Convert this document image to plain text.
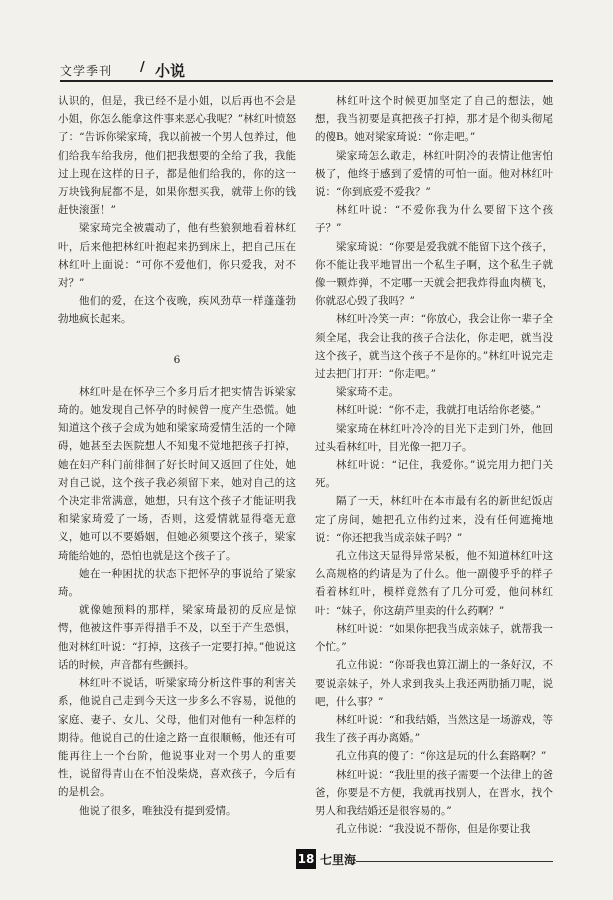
文学季刊 / 小说

认识的，但是，我已经不是小姐，以后再也不会是小姐，你怎么能拿这件事来恶心我呢？”林红叶愤怒了：“告诉你梁家琦，我以前被一个男人包养过，他们给我车给我房，他们把我想要的全给了我，我能过上现在这样的日子，都是他们给我的，你的这一万块钱狗屁都不是，如果你想买我，就带上你的钱赶快滚蛋！”

梁家琦完全被震动了，他有些狼狈地看着林红叶，后来他把林红叶抱起来扔到床上，把自己压在林红叶上面说：“可你不爱他们，你只爱我，对不对？”

他们的爱，在这个夜晚，疾风劲草一样蓬蓬勃勃地疯长起来。

6

林红叶是在怀孕三个多月后才把实情告诉梁家琦的。她发现自己怀孕的时候曾一度产生恐慌。她知道这个孩子会成为她和梁家琦爱情生活的一个障碍，她甚至去医院想人不知鬼不觉地把孩子打掉，她在妇产科门前徘徊了好长时间又返回了住处，她对自己说，这个孩子我必须留下来，她对自己的这个决定非常满意，她想，只有这个孩子才能证明我和梁家琦爱了一场，否则，这爱情就显得毫无意义，她可以不要婚姻，但她必须要这个孩子，梁家琦能给她的，恐怕也就是这个孩子了。

她在一种困扰的状态下把怀孕的事说给了梁家琦。

就像她预料的那样，梁家琦最初的反应是惊愕，他被这件事弄得措手不及，以至于产生恐惧，他对林红叶说：“打掉，这孩子一定要打掉。”他说这话的时候，声音都有些颤抖。

林红叶不说话，听梁家琦分析这件事的利害关系，他说自己走到今天这一步多么不容易，说他的家庭、妻子、女儿、父母，他们对他有一种怎样的期待。他说自己的仕途之路一直很顺畅，他还有可能再往上一个台阶，他说事业对一个男人的重要性，说留得青山在不怕没柴烧，喜欢孩子，今后有的是机会。

他说了很多，唯独没有提到爱情。

林红叶这个时候更加坚定了自己的想法，她想，我当初要是真把孩子打掉，那才是个彻头彻尾的傻B。她对梁家琦说：“你走吧。”

梁家琦怎么敢走，林红叶阴冷的表情让他害怕极了，他终于感到了爱情的可怕一面。他对林红叶说：“你到底爱不爱我？”

林红叶说：“不爱你我为什么要留下这个孩子？”

梁家琦说：“你要是爱我就不能留下这个孩子，你不能让我平地冒出一个私生子啊，这个私生子就像一颗炸弹，不定哪一天就会把我炸得血肉横飞，你就忍心毁了我吗？”

林红叶冷笑一声：“你放心，我会让你一辈子全须全尾，我会让我的孩子合法化，你走吧，就当没这个孩子，就当这个孩子不是你的。”林红叶说完走过去把门打开：“你走吧。”

梁家琦不走。

林红叶说：“你不走，我就打电话给你老婆。”

梁家琦在林红叶冷冷的目光下走到门外，他回过头看林红叶，目光像一把刀子。

林红叶说：“记住，我爱你。”说完用力把门关死。

隔了一天，林红叶在本市最有名的新世纪饭店定了房间，她把孔立伟约过来，没有任何遮掩地说：“你还把我当成亲妹子吗？”

孔立伟这天显得异常呆板，他不知道林红叶这么高规格的约请是为了什么。他一副傻乎乎的样子看着林红叶，模样竟然有了几分可爱，他问林红叶：“妹子，你这葫芦里卖的什么药啊？”

林红叶说：“如果你把我当成亲妹子，就帮我一个忙。”

孔立伟说：“你哥我也算江湖上的一条好汉，不要说亲妹子，外人求到我头上我还两肋插刀呢，说吧，什么事？”

林红叶说：“和我结婚，当然这是一场游戏，等我生了孩子再办离婚。”

孔立伟真的傻了：“你这是玩的什么套路啊？”

林红叶说：“我肚里的孩子需要一个法律上的爸爸，你要是不方便，我就再找别人，在晋水，找个男人和我结婚还是很容易的。”

孔立伟说：“我没说不帮你，但是你要让我

18 七里海
